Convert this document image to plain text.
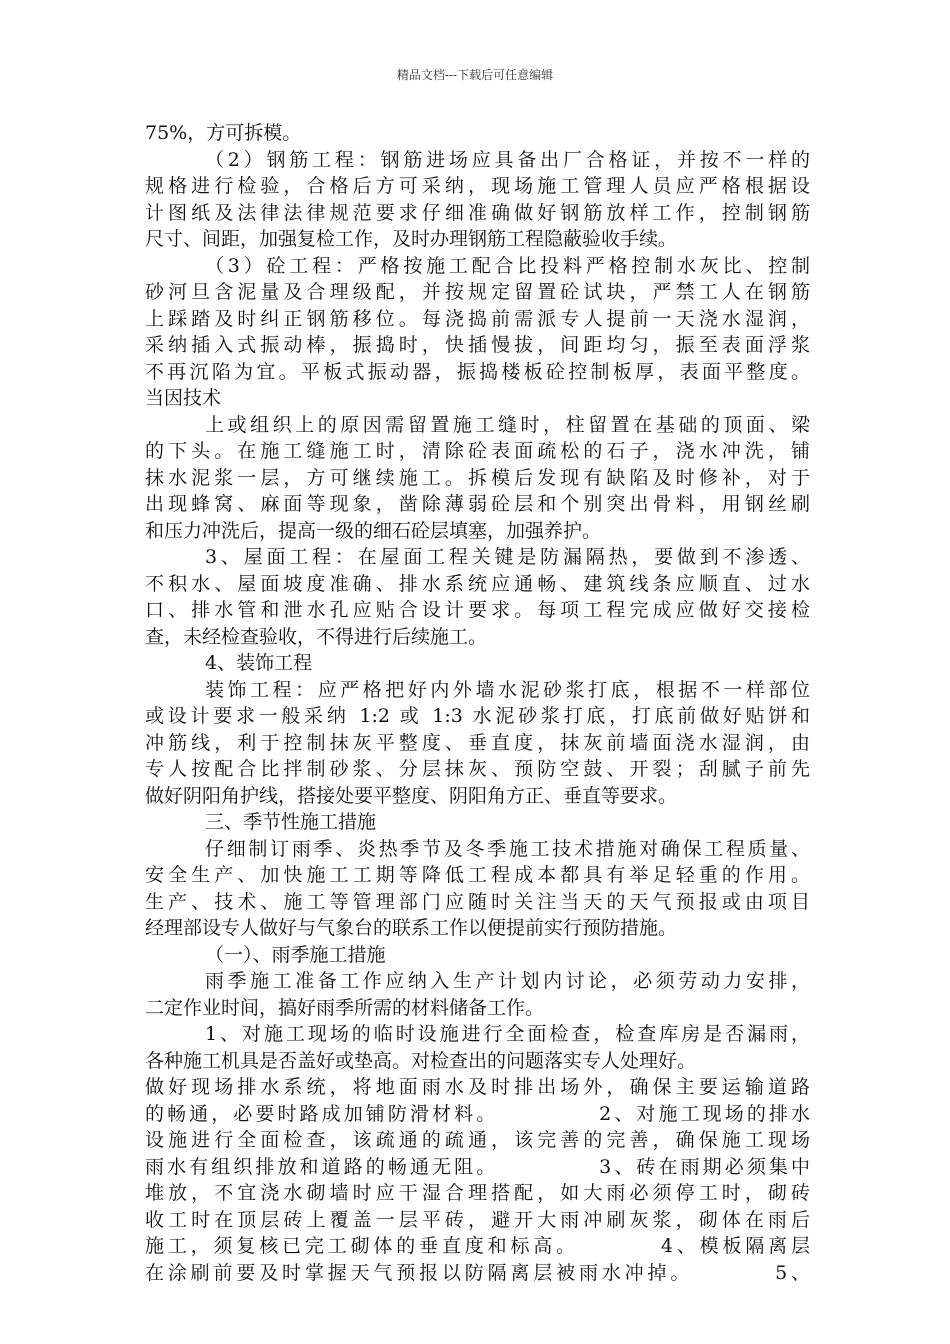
精品文档---下载后可任意编辑
75%，方可拆模。
（2）钢筋工程：钢筋进场应具备出厂合格证，并按不一样的
规格进行检验，合格后方可采纳，现场施工管理人员应严格根据设
计图纸及法律法律规范要求仔细准确做好钢筋放样工作，控制钢筋
尺寸、间距，加强复检工作，及时办理钢筋工程隐蔽验收手续。
（3）砼工程：严格按施工配合比投料严格控制水灰比、控制
砂河旦含泥量及合理级配，并按规定留置砼试块，严禁工人在钢筋
上踩踏及时纠正钢筋移位。每浇捣前需派专人提前一天浇水湿润，
采纳插入式振动棒，振捣时，快插慢拔，间距均匀，振至表面浮浆
不再沉陷为宜。平板式振动器，振捣楼板砼控制板厚，表面平整度。
当因技术
上或组织上的原因需留置施工缝时，柱留置在基础的顶面、梁
的下头。在施工缝施工时，清除砼表面疏松的石子，浇水冲洗，铺
抹水泥浆一层，方可继续施工。拆模后发现有缺陷及时修补，对于
出现蜂窝、麻面等现象，凿除薄弱砼层和个别突出骨料，用钢丝刷
和压力冲洗后，提高一级的细石砼层填塞，加强养护。
3、屋面工程：在屋面工程关键是防漏隔热，要做到不渗透、
不积水、屋面坡度准确、排水系统应通畅、建筑线条应顺直、过水
口、排水管和泄水孔应贴合设计要求。每项工程完成应做好交接检
查，未经检查验收，不得进行后续施工。
4、装饰工程
装饰工程：应严格把好内外墙水泥砂浆打底，根据不一样部位
或设计要求一般采纳 1:2 或 1:3 水泥砂浆打底，打底前做好贴饼和
冲筋线，利于控制抹灰平整度、垂直度，抹灰前墙面浇水湿润，由
专人按配合比拌制砂浆、分层抹灰、预防空鼓、开裂；刮腻子前先
做好阴阳角护线，搭接处要平整度、阴阳角方正、垂直等要求。
三、季节性施工措施
仔细制订雨季、炎热季节及冬季施工技术措施对确保工程质量、
安全生产、加快施工工期等降低工程成本都具有举足轻重的作用。
生产、技术、施工等管理部门应随时关注当天的天气预报或由项目
经理部设专人做好与气象台的联系工作以便提前实行预防措施。
（一）、雨季施工措施
雨季施工准备工作应纳入生产计划内讨论，必须劳动力安排，
二定作业时间，搞好雨季所需的材料储备工作。
1、对施工现场的临时设施进行全面检查，检查库房是否漏雨，
各种施工机具是否盖好或垫高。对检查出的问题落实专人处理好。
做好现场排水系统，将地面雨水及时排出场外，确保主要运输道路
的畅通，必要时路成加铺防滑材料。　　　　　2、对施工现场的排水
设施进行全面检查，该疏通的疏通，该完善的完善，确保施工现场
雨水有组织排放和道路的畅通无阻。　　　　　3、砖在雨期必须集中
堆放，不宜浇水砌墙时应干湿合理搭配，如大雨必须停工时，砌砖
收工时在顶层砖上覆盖一层平砖，避开大雨冲刷灰浆，砌体在雨后
施工，须复核已完工砌体的垂直度和标高。　　　　4、模板隔离层
在涂刷前要及时掌握天气预报以防隔离层被雨水冲掉。　　　　5、
